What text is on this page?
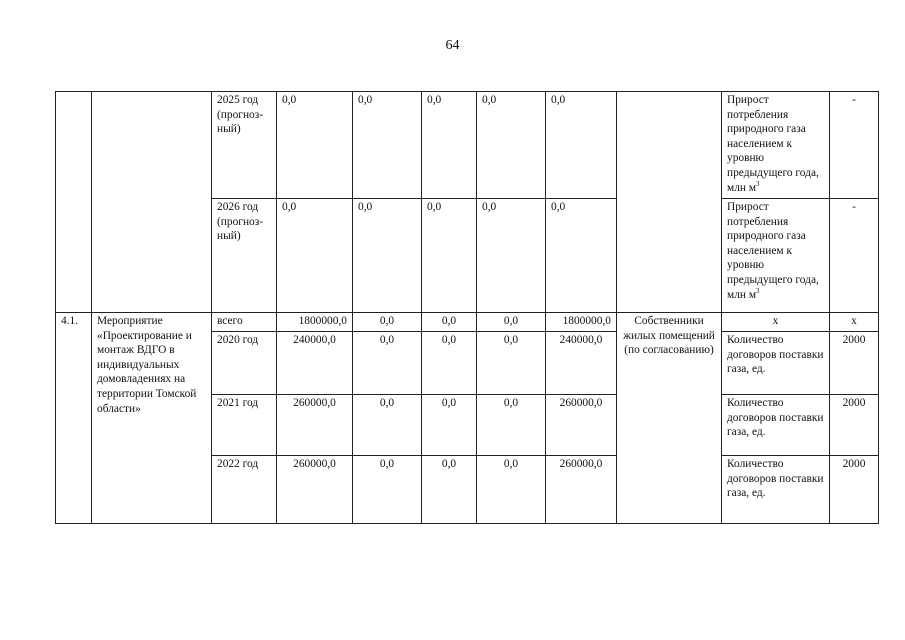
64
		2025 год (прогноз-ный)	0,0	0,0	0,0	0,0	0,0		Прирост потребления природного газа населением к уровню предыдущего года, млн $м^3$	-
		2026 год (прогноз-ный)	0,0	0,0	0,0	0,0	0,0		Прирост потребления природного газа населением к уровню предыдущего года, млн $м^3$	-
4.1.	Мероприятие «Проектирование и монтаж ВДГО в индивидуальных домовладениях на территории Томской области»	всего	1800000,0	0,0	0,0	0,0	1800000,0	Собственники жилых помещений (по согласованию)	х	х
		2020 год	240000,0	0,0	0,0	0,0	240000,0		Количество договоров поставки газа, ед.	2000
		2021 год	260000,0	0,0	0,0	0,0	260000,0		Количество договоров поставки газа, ед.	2000
		2022 год	260000,0	0,0	0,0	0,0	260000,0		Количество договоров поставки газа, ед.	2000
